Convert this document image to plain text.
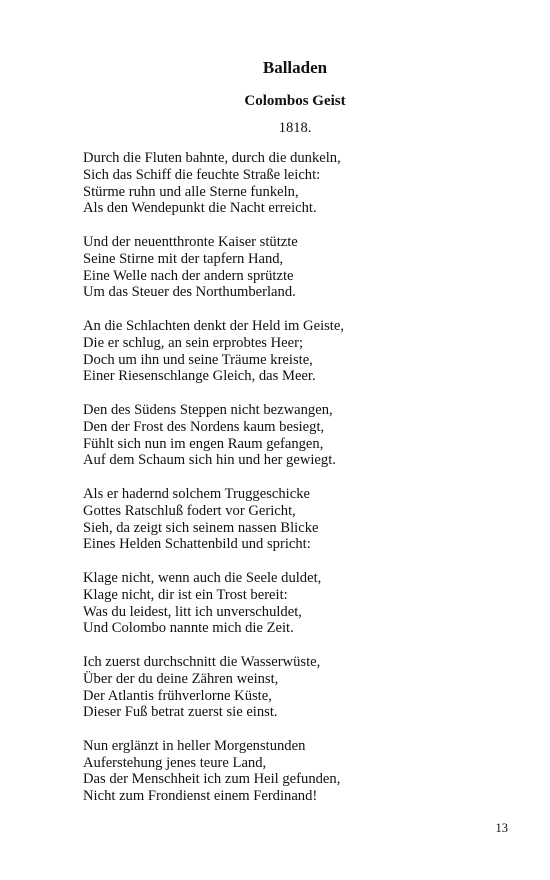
Balladen
Colombos Geist
1818.
Durch die Fluten bahnte, durch die dunkeln,
Sich das Schiff die feuchte Straße leicht:
Stürme ruhn und alle Sterne funkeln,
Als den Wendepunkt die Nacht erreicht.
Und der neuentthronte Kaiser stützte
Seine Stirne mit der tapfern Hand,
Eine Welle nach der andern sprützte
Um das Steuer des Northumberland.
An die Schlachten denkt der Held im Geiste,
Die er schlug, an sein erprobtes Heer;
Doch um ihn und seine Träume kreiste,
Einer Riesenschlange Gleich, das Meer.
Den des Südens Steppen nicht bezwangen,
Den der Frost des Nordens kaum besiegt,
Fühlt sich nun im engen Raum gefangen,
Auf dem Schaum sich hin und her gewiegt.
Als er hadernd solchem Truggeschicke
Gottes Ratschluß fodert vor Gericht,
Sieh, da zeigt sich seinem nassen Blicke
Eines Helden Schattenbild und spricht:
Klage nicht, wenn auch die Seele duldet,
Klage nicht, dir ist ein Trost bereit:
Was du leidest, litt ich unverschuldet,
Und Colombo nannte mich die Zeit.
Ich zuerst durchschnitt die Wasserwüste,
Über der du deine Zähren weinst,
Der Atlantis frühverlorne Küste,
Dieser Fuß betrat zuerst sie einst.
Nun erglänzt in heller Morgenstunden
Auferstehung jenes teure Land,
Das der Menschheit ich zum Heil gefunden,
Nicht zum Frondienst einem Ferdinand!
13
